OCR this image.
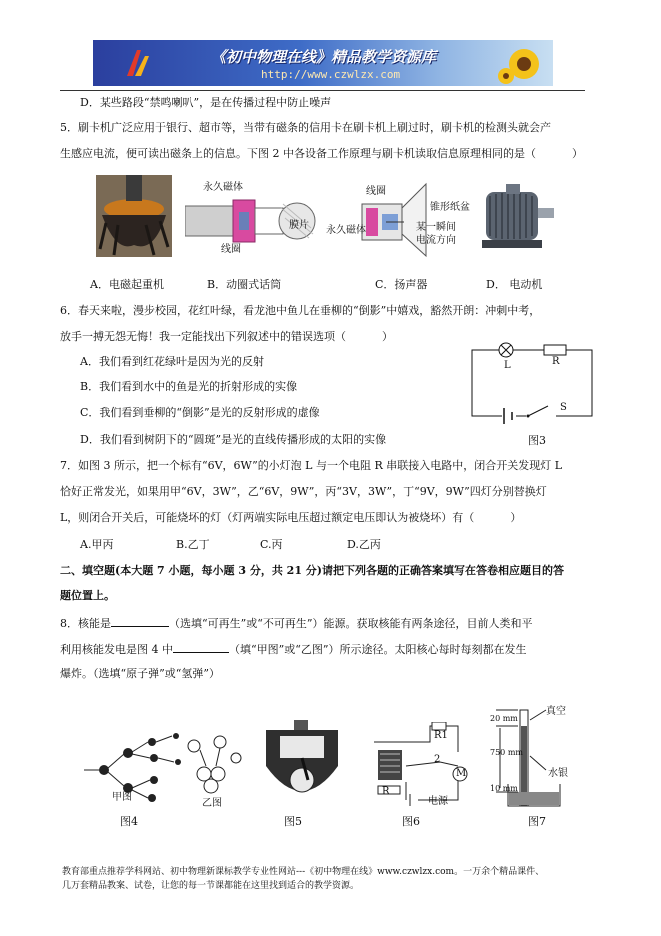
《初中物理在线》精品教学资源库
http://www.czwlzx.com
D．某些路段“禁鸣喇叭”，是在传播过程中防止噪声
5．刷卡机广泛应用于银行、超市等，当带有磁条的信用卡在刷卡机上刷过时，刷卡机的检测头就会产
生感应电流，便可读出磁条上的信息。下图 2 中各设备工作原理与刷卡机读取信息原理相同的是（	）
永久磁体
线圈
膜片
线圈
永久磁体
锥形纸盆
某一瞬间
电流方向
A．电磁起重机	B．动圈式话筒	C．扬声器	D． 电动机
6．春天来啦，漫步校园，花红叶绿，看龙池中鱼儿在垂柳的“倒影”中嬉戏，豁然开朗：冲刺中考，
放手一搏无怨无悔！我一定能找出下列叙述中的错误选项（	）
A．我们看到红花绿叶是因为光的反射
B．我们看到水中的鱼是光的折射形成的实像
C．我们看到垂柳的“倒影”是光的反射形成的虚像
D．我们看到树阴下的“圆斑”是光的直线传播形成的太阳的实像
L	R
S
图3
7．如图 3 所示，把一个标有“6V，6W”的小灯泡 L 与一个电阻 R 串联接入电路中，闭合开关发现灯 L
恰好正常发光，如果用甲“6V，3W”，乙“6V，9W”，丙“3V，3W”，丁“9V，9W”四灯分别替换灯
L，则闭合开关后，可能烧坏的灯（灯两端实际电压超过额定电压即认为被烧坏）有（	）
A.甲丙	B.乙丁	C.丙	D.乙丙
二、填空题(本大题 7 小题，每小题 3 分，共 21 分)请把下列各题的正确答案填写在答卷相应题目的答
题位置上。
8．核能是	（选填“可再生”或“不可再生”）能源。获取核能有两条途径，目前人类和平
利用核能发电是图 4 中	（填“甲图”或“乙图”）所示途径。太阳核心每时每刻都在发生
爆炸。（选填“原子弹”或“氢弹”）
甲图
乙图
图4	图5
R1
2
M
R
电源
图6
真空
水银
20 mm
750 mm
10 mm
图7
教育部重点推荐学科网站、初中物理新课标教学专业性网站---《初中物理在线》www.czwlzx.com。一万余个精品课件、
几万套精品教案、试卷，让您的每一节课都能在这里找到适合的教学资源。
